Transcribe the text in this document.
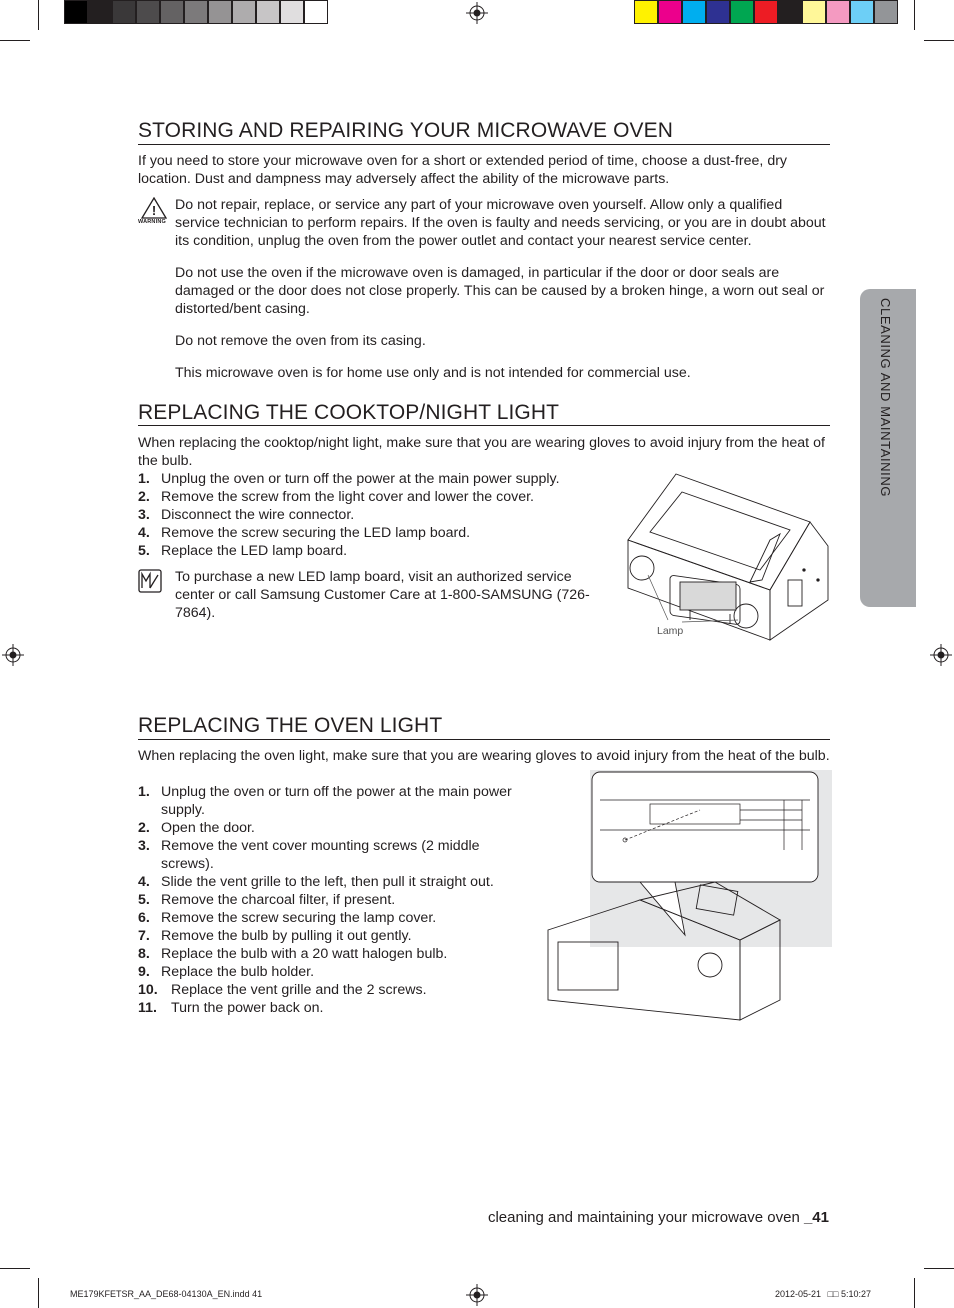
CLEANING AND MAINTAINING
STORING AND REPAIRING YOUR MICROWAVE OVEN

If you need to store your microwave oven for a short or extended period of time, choose a dust-free, dry location. Dust and dampness may adversely affect the ability of the microwave parts.

!
WARNING

Do not repair, replace, or service any part of your microwave oven yourself. Allow only a qualified service technician to perform repairs. If the oven is faulty and needs servicing, or you are in doubt about its condition, unplug the oven from the power outlet and contact your nearest service center.

Do not use the oven if the microwave oven is damaged, in particular if the door or door seals are damaged or the door does not close properly. This can be caused by a broken hinge, a worn out seal or distorted/bent casing.

Do not remove the oven from its casing.

This microwave oven is for home use only and is not intended for commercial use.

REPLACING THE COOKTOP/NIGHT LIGHT

When replacing the cooktop/night light, make sure that you are wearing gloves to avoid injury from the heat of the bulb.

1. Unplug the oven or turn off the power at the main power supply.
2. Remove the screw from the light cover and lower the cover.
3. Disconnect the wire connector.
4. Remove the screw securing the LED lamp board.
5. Replace the LED lamp board.

To purchase a new LED lamp board, visit an authorized service center or call Samsung Customer Care at 1-800-SAMSUNG (726-7864).

Lamp
REPLACING THE OVEN LIGHT

When replacing the oven light, make sure that you are wearing gloves to avoid injury from the heat of the bulb.

1. Unplug the oven or turn off the power at the main power supply.
2. Open the door.
3. Remove the vent cover mounting screws (2 middle screws).
4. Slide the vent grille to the left, then pull it straight out.
5. Remove the charcoal filter, if present.
6. Remove the screw securing the lamp cover.
7. Remove the bulb by pulling it out gently.
8. Replace the bulb with a 20 watt halogen bulb.
9. Replace the bulb holder.
10. Replace the vent grille and the 2 screws.
11. Turn the power back on.
cleaning and maintaining your microwave oven _41
ME179KFETSR_AA_DE68-04130A_EN.indd 41	2012-05-21 □□ 5:10:27
